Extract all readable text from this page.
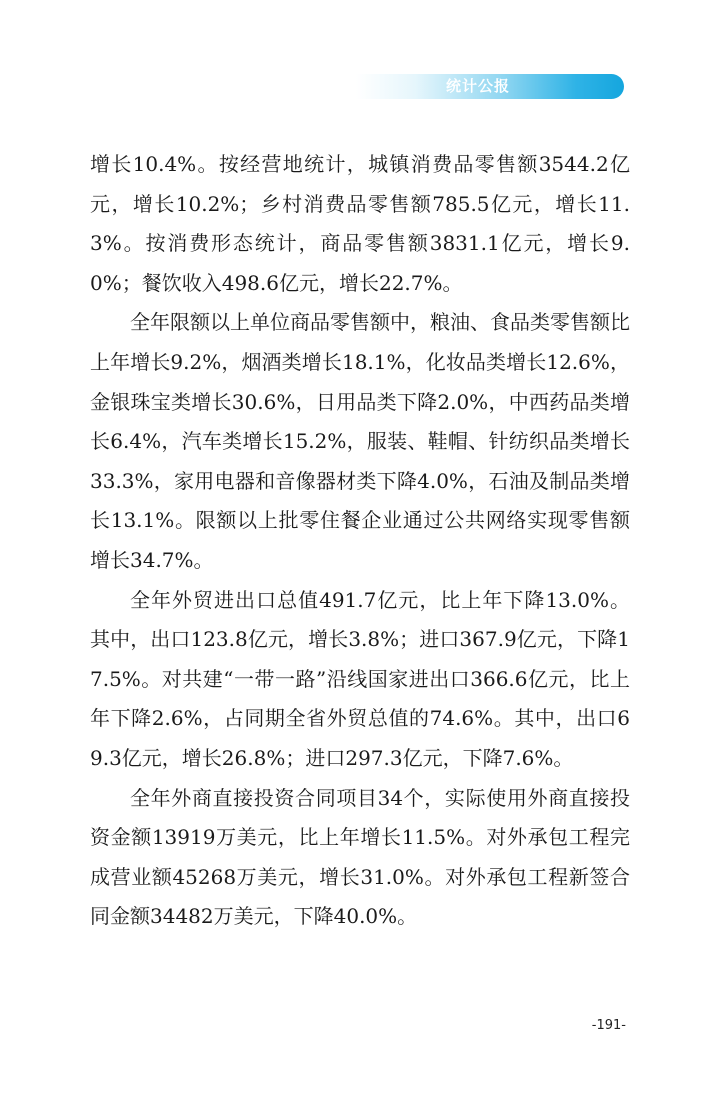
统计公报

增长10.4%。按经营地统计，城镇消费品零售额3544.2亿元，增长10.2%；乡村消费品零售额785.5亿元，增长11.3%。按消费形态统计，商品零售额3831.1亿元，增长9.0%；餐饮收入498.6亿元，增长22.7%。

全年限额以上单位商品零售额中，粮油、食品类零售额比上年增长9.2%，烟酒类增长18.1%，化妆品类增长12.6%，金银珠宝类增长30.6%，日用品类下降2.0%，中西药品类增长6.4%，汽车类增长15.2%，服装、鞋帽、针纺织品类增长33.3%，家用电器和音像器材类下降4.0%，石油及制品类增长13.1%。限额以上批零住餐企业通过公共网络实现零售额增长34.7%。

全年外贸进出口总值491.7亿元，比上年下降13.0%。其中，出口123.8亿元，增长3.8%；进口367.9亿元，下降17.5%。对共建“一带一路”沿线国家进出口366.6亿元，比上年下降2.6%，占同期全省外贸总值的74.6%。其中，出口69.3亿元，增长26.8%；进口297.3亿元，下降7.6%。

全年外商直接投资合同项目34个，实际使用外商直接投资金额13919万美元，比上年增长11.5%。对外承包工程完成营业额45268万美元，增长31.0%。对外承包工程新签合同金额34482万美元，下降40.0%。

-191-
